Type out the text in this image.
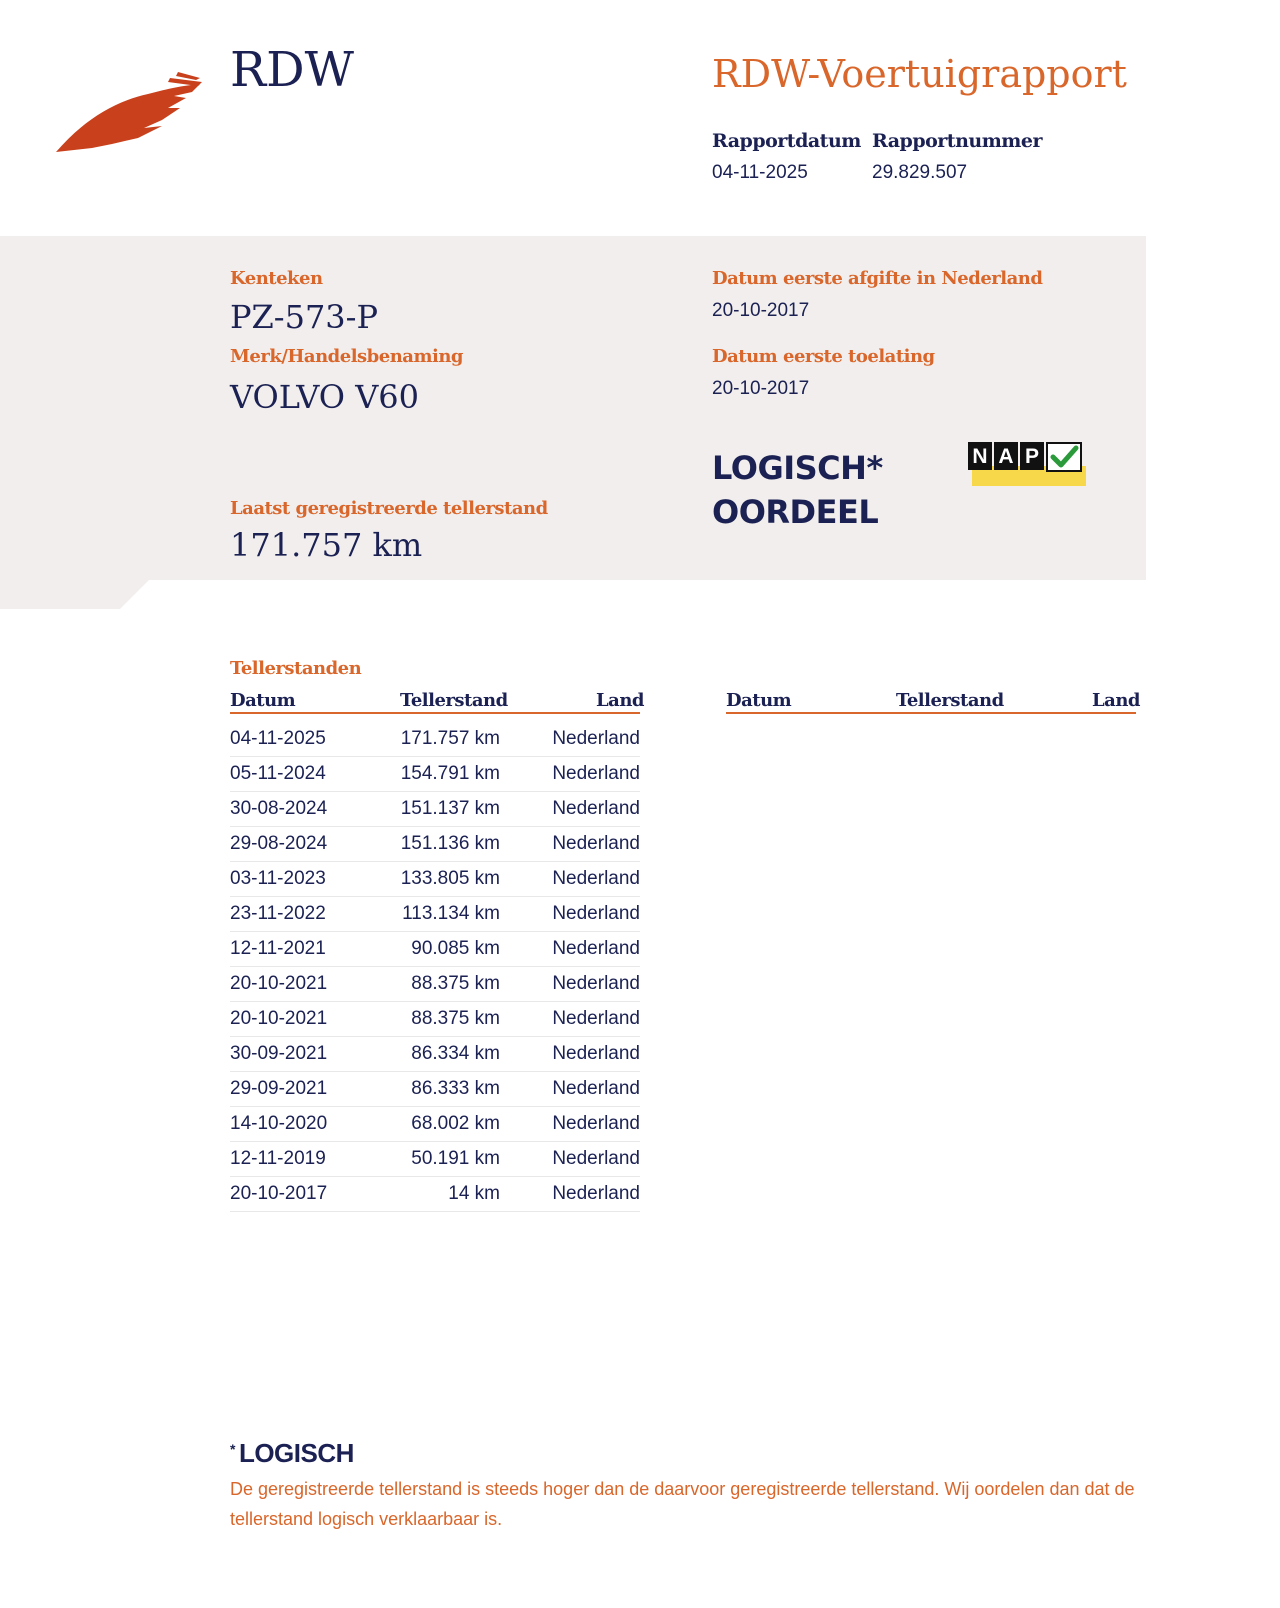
RDW	RDW-Voertuigrapport
Rapportdatum
04-11-2025
Rapportnummer
29.829.507
Kenteken
PZ-573-P
Merk/Handelsbenaming
VOLVO V60
Laatst geregistreerde tellerstand
171.757 km
Datum eerste afgifte in Nederland
20-10-2017
Datum eerste toelating
20-10-2017
LOGISCH*
OORDEEL
N A P
Tellerstanden
Datum	Tellerstand	Land	Datum	Tellerstand	Land
04-11-2025	171.757 km	Nederland
05-11-2024	154.791 km	Nederland
30-08-2024	151.137 km	Nederland
29-08-2024	151.136 km	Nederland
03-11-2023	133.805 km	Nederland
23-11-2022	113.134 km	Nederland
12-11-2021	90.085 km	Nederland
20-10-2021	88.375 km	Nederland
20-10-2021	88.375 km	Nederland
30-09-2021	86.334 km	Nederland
29-09-2021	86.333 km	Nederland
14-10-2020	68.002 km	Nederland
12-11-2019	50.191 km	Nederland
20-10-2017	14 km	Nederland
* LOGISCH
De geregistreerde tellerstand is steeds hoger dan de daarvoor geregistreerde tellerstand. Wij oordelen dan dat de tellerstand logisch verklaarbaar is.
